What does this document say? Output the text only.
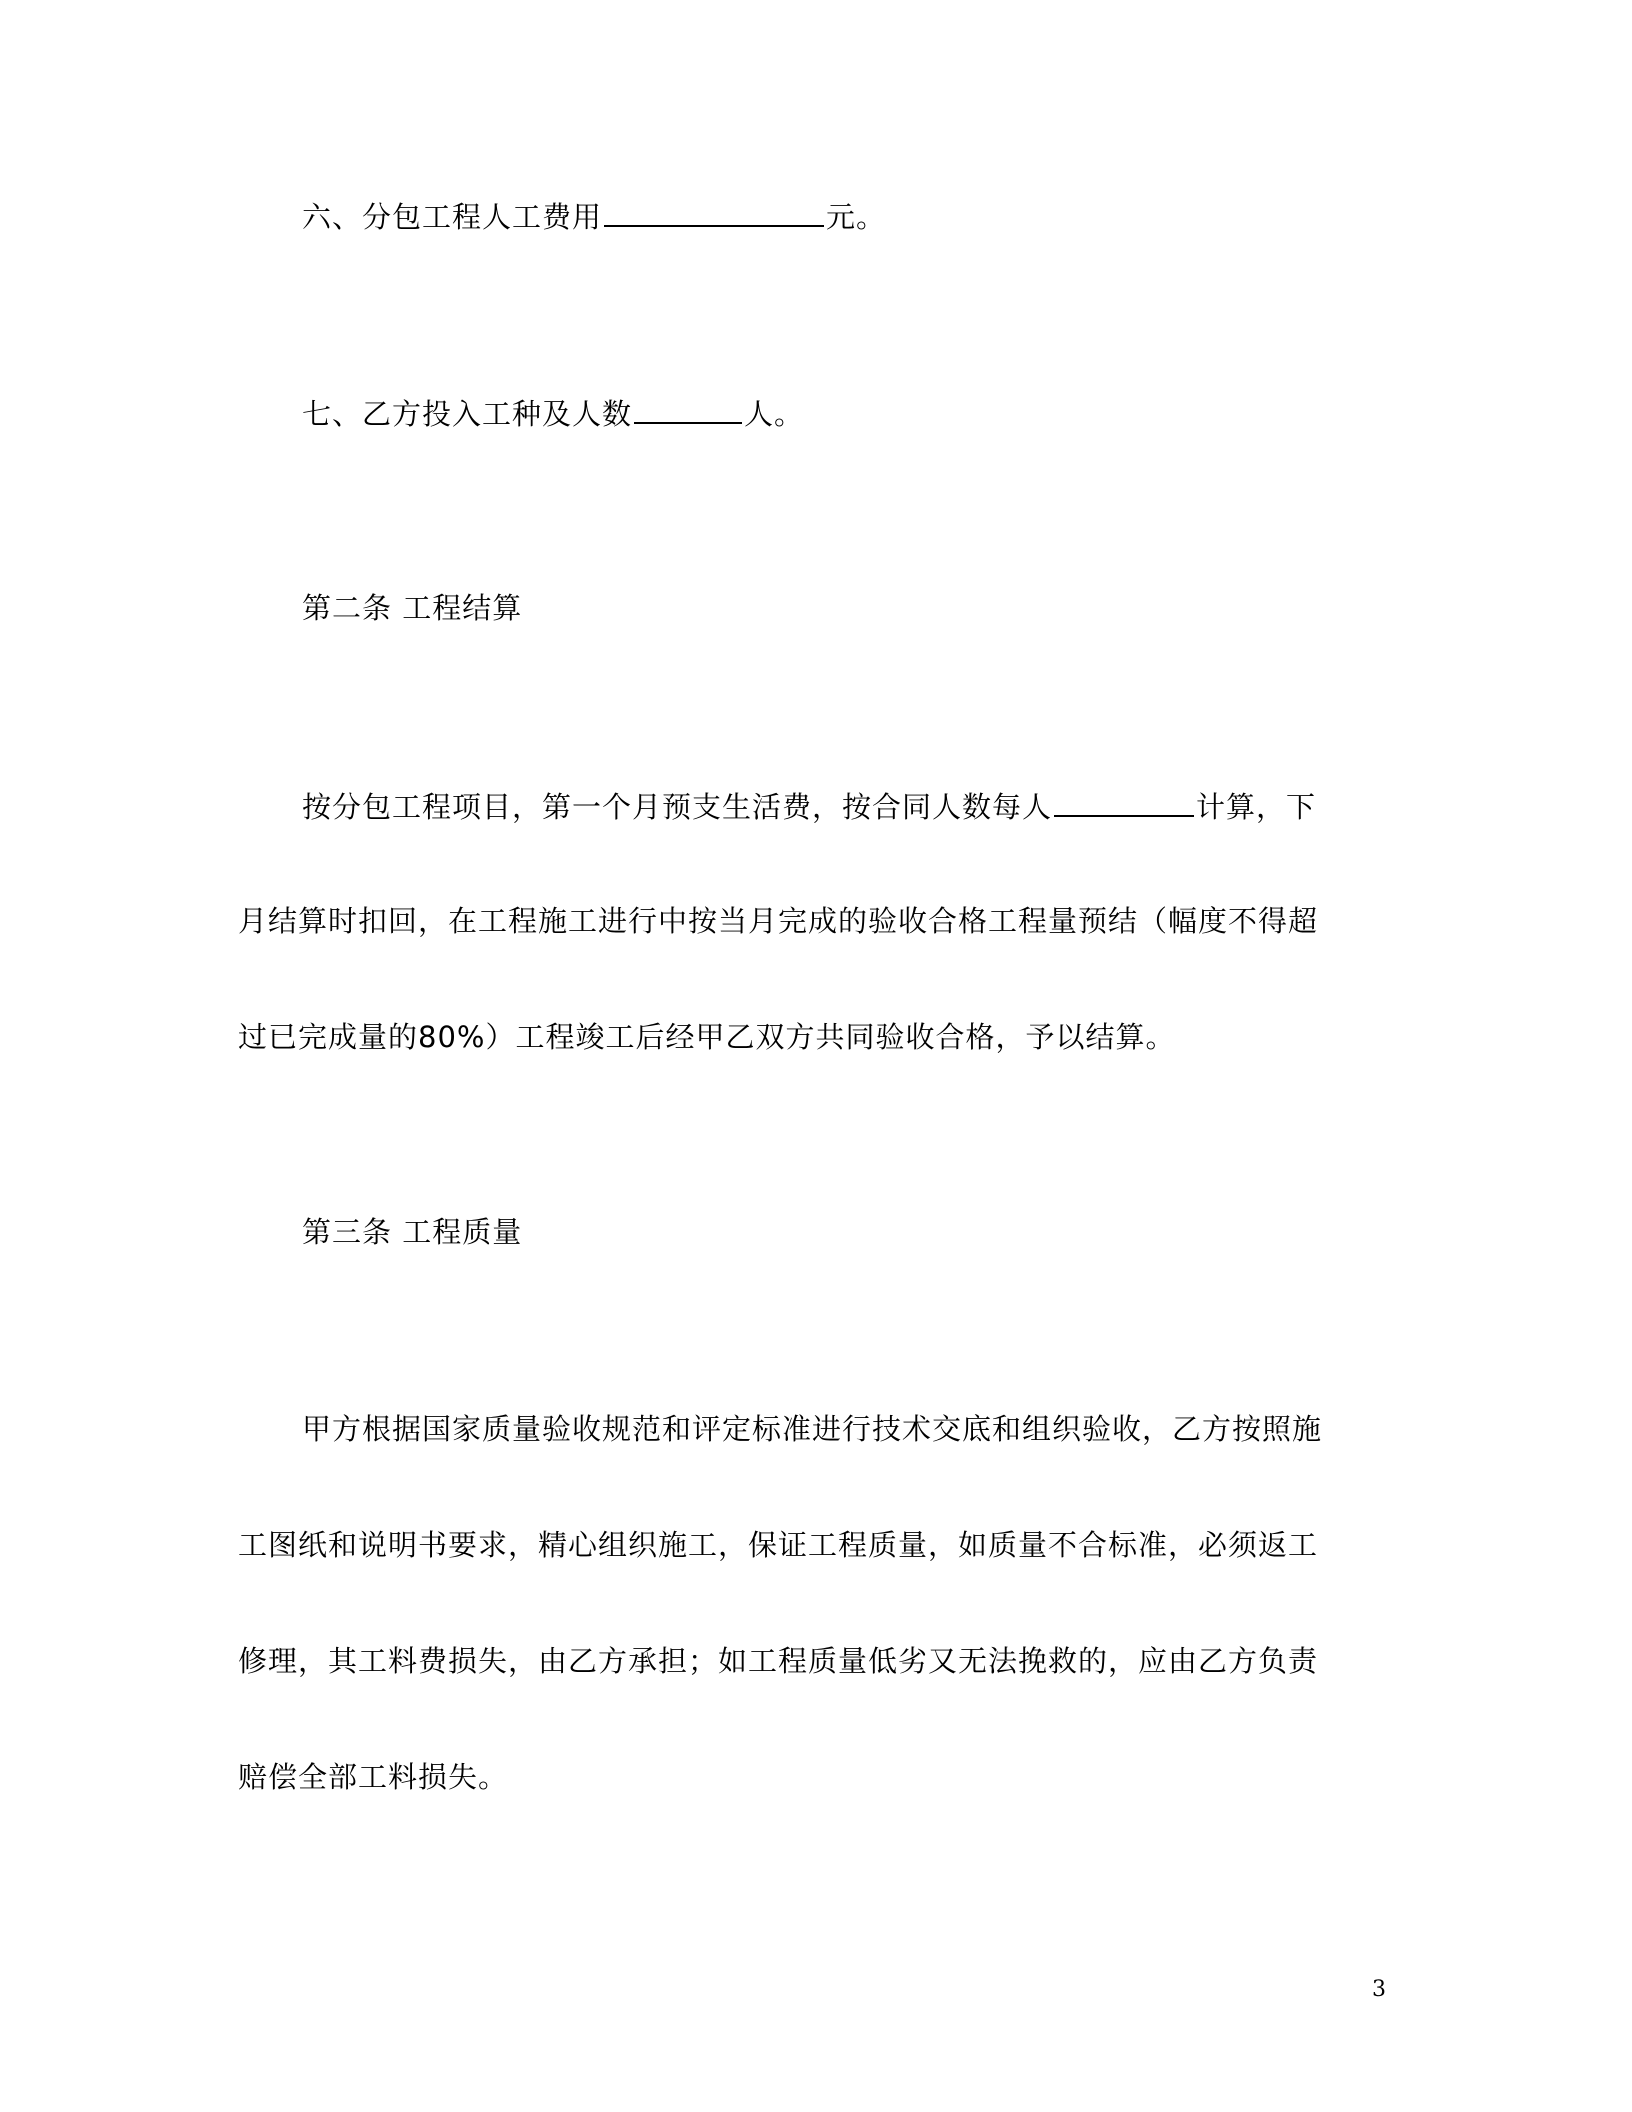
六、分包工程人工费用	元。
七、乙方投入工种及人数	人。
第二条 工程结算
按分包工程项目，第一个月预支生活费，按合同人数每人	计算，下
月结算时扣回，在工程施工进行中按当月完成的验收合格工程量预结（幅度不得超
过已完成量的80%）工程竣工后经甲乙双方共同验收合格，予以结算。
第三条 工程质量
甲方根据国家质量验收规范和评定标准进行技术交底和组织验收，乙方按照施
工图纸和说明书要求，精心组织施工，保证工程质量，如质量不合标准，必须返工
修理，其工料费损失，由乙方承担；如工程质量低劣又无法挽救的，应由乙方负责
赔偿全部工料损失。
3
